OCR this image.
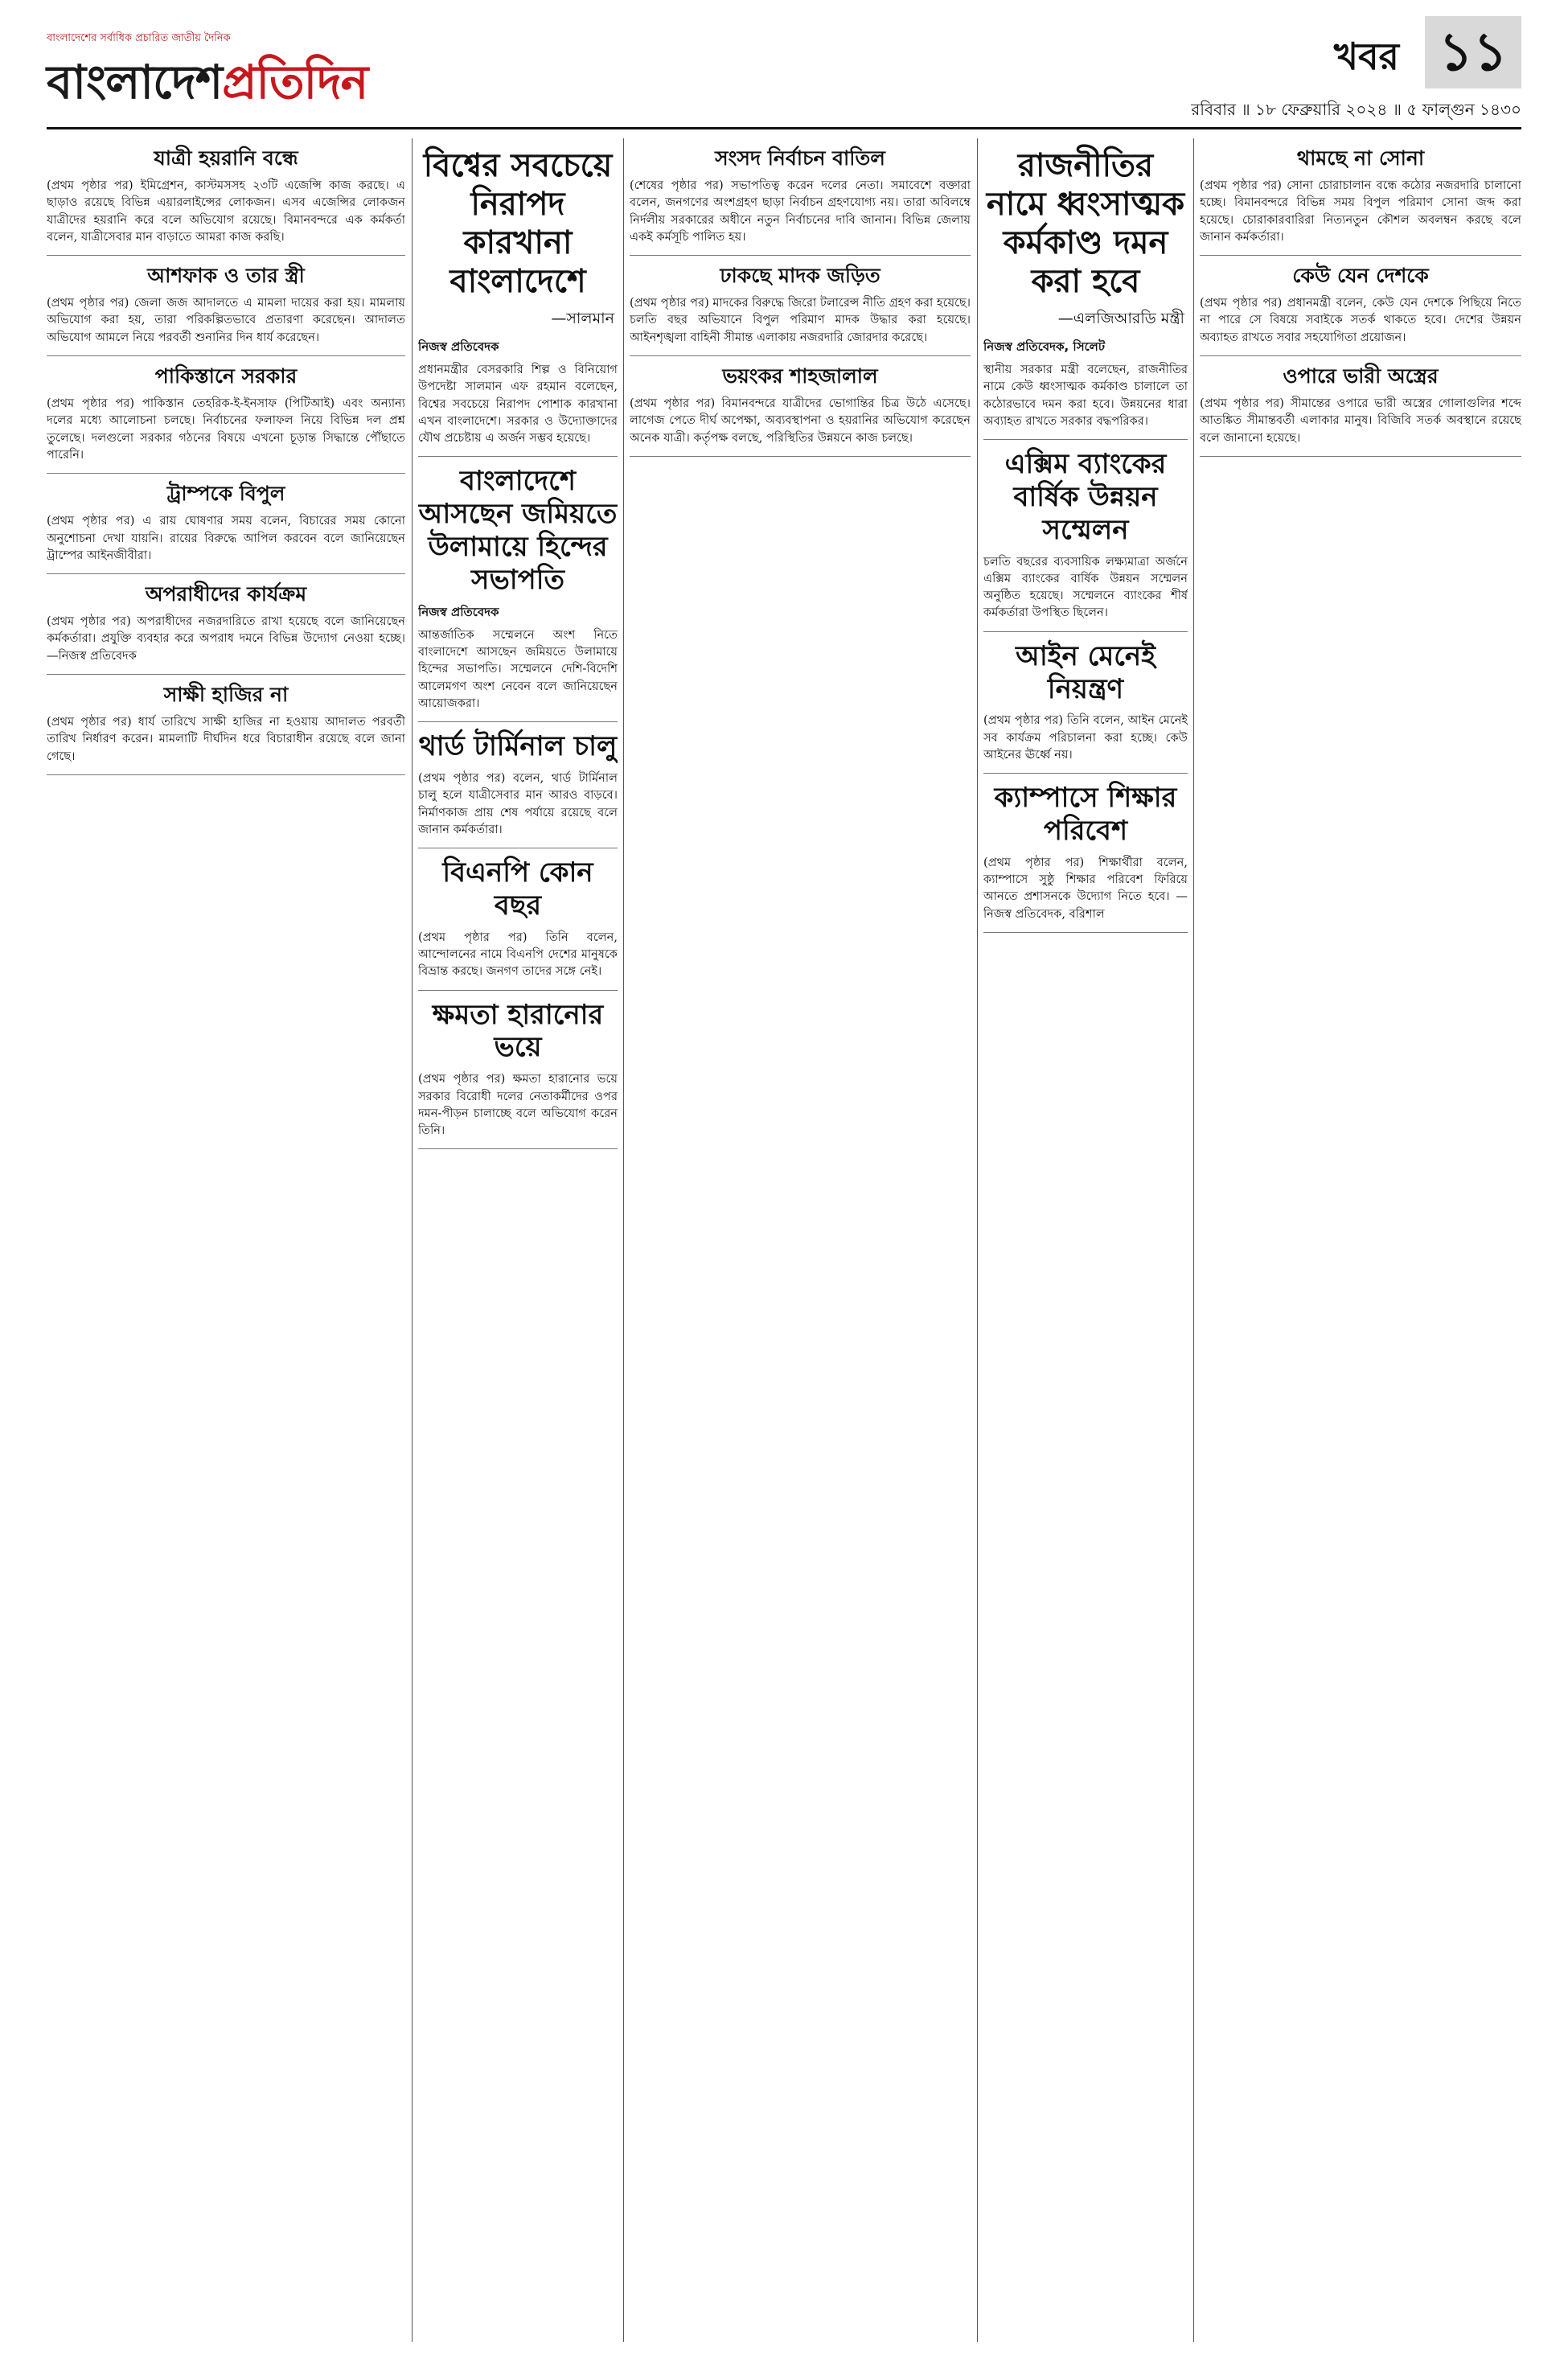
বাংলাদেশের সর্বাধিক প্রচারিত জাতীয় দৈনিক
বাংলাদেশপ্রতিদিন	খবর ১১
রবিবার ॥ ১৮ ফেব্রুয়ারি ২০২৪ ॥ ৫ ফাল্গুন ১৪৩০
যাত্রী হয়রানি বন্ধে

(প্রথম পৃষ্ঠার পর) ইমিগ্রেশন, কাস্টমসসহ ২৩টি এজেন্সি কাজ করছে। এ ছাড়াও রয়েছে বিভিন্ন এয়ারলাইন্সের লোকজন। এসব এজেন্সির লোকজন যাত্রীদের হয়রানি করে বলে অভিযোগ রয়েছে। বিমানবন্দরে এক কর্মকর্তা বলেন, যাত্রীসেবার মান বাড়াতে আমরা কাজ করছি।

আশফাক ও তার স্ত্রী

(প্রথম পৃষ্ঠার পর) জেলা জজ আদালতে এ মামলা দায়ের করা হয়। মামলায় অভিযোগ করা হয়, তারা পরিকল্পিতভাবে প্রতারণা করেছেন। আদালত অভিযোগ আমলে নিয়ে পরবর্তী শুনানির দিন ধার্য করেছেন।

পাকিস্তানে সরকার

(প্রথম পৃষ্ঠার পর) পাকিস্তান তেহরিক-ই-ইনসাফ (পিটিআই) এবং অন্যান্য দলের মধ্যে আলোচনা চলছে। নির্বাচনের ফলাফল নিয়ে বিভিন্ন দল প্রশ্ন তুলেছে। দলগুলো সরকার গঠনের বিষয়ে এখনো চূড়ান্ত সিদ্ধান্তে পৌঁছাতে পারেনি।

ট্রাম্পকে বিপুল

(প্রথম পৃষ্ঠার পর) এ রায় ঘোষণার সময় বলেন, বিচারের সময় কোনো অনুশোচনা দেখা যায়নি। রায়ের বিরুদ্ধে আপিল করবেন বলে জানিয়েছেন ট্রাম্পের আইনজীবীরা।

অপরাধীদের কার্যক্রম

(প্রথম পৃষ্ঠার পর) অপরাধীদের নজরদারিতে রাখা হয়েছে বলে জানিয়েছেন কর্মকর্তারা। প্রযুক্তি ব্যবহার করে অপরাধ দমনে বিভিন্ন উদ্যোগ নেওয়া হচ্ছে। —নিজস্ব প্রতিবেদক

সাক্ষী হাজির না

(প্রথম পৃষ্ঠার পর) ধার্য তারিখে সাক্ষী হাজির না হওয়ায় আদালত পরবর্তী তারিখ নির্ধারণ করেন। মামলাটি দীর্ঘদিন ধরে বিচারাধীন রয়েছে বলে জানা গেছে।

বিশ্বের সবচেয়ে নিরাপদ কারখানা বাংলাদেশে
—সালমান
নিজস্ব প্রতিবেদক

প্রধানমন্ত্রীর বেসরকারি শিল্প ও বিনিয়োগ উপদেষ্টা সালমান এফ রহমান বলেছেন, বিশ্বের সবচেয়ে নিরাপদ পোশাক কারখানা এখন বাংলাদেশে। সরকার ও উদ্যোক্তাদের যৌথ প্রচেষ্টায় এ অর্জন সম্ভব হয়েছে।

বাংলাদেশে আসছেন জমিয়তে উলামায়ে হিন্দের সভাপতি
নিজস্ব প্রতিবেদক

আন্তর্জাতিক সম্মেলনে অংশ নিতে বাংলাদেশে আসছেন জমিয়তে উলামায়ে হিন্দের সভাপতি। সম্মেলনে দেশি-বিদেশি আলেমগণ অংশ নেবেন বলে জানিয়েছেন আয়োজকরা।

থার্ড টার্মিনাল চালু

(প্রথম পৃষ্ঠার পর) বলেন, থার্ড টার্মিনাল চালু হলে যাত্রীসেবার মান আরও বাড়বে। নির্মাণকাজ প্রায় শেষ পর্যায়ে রয়েছে বলে জানান কর্মকর্তারা।

বিএনপি কোন বছর

(প্রথম পৃষ্ঠার পর) তিনি বলেন, আন্দোলনের নামে বিএনপি দেশের মানুষকে বিভ্রান্ত করছে। জনগণ তাদের সঙ্গে নেই।

ক্ষমতা হারানোর ভয়ে

(প্রথম পৃষ্ঠার পর) ক্ষমতা হারানোর ভয়ে সরকার বিরোধী দলের নেতাকর্মীদের ওপর দমন-পীড়ন চালাচ্ছে বলে অভিযোগ করেন তিনি।

সংসদ নির্বাচন বাতিল

(শেষের পৃষ্ঠার পর) সভাপতিত্ব করেন দলের নেতা। সমাবেশে বক্তারা বলেন, জনগণের অংশগ্রহণ ছাড়া নির্বাচন গ্রহণযোগ্য নয়। তারা অবিলম্বে নির্দলীয় সরকারের অধীনে নতুন নির্বাচনের দাবি জানান। বিভিন্ন জেলায় একই কর্মসূচি পালিত হয়।

ঢাকছে মাদক জড়িত

(প্রথম পৃষ্ঠার পর) মাদকের বিরুদ্ধে জিরো টলারেন্স নীতি গ্রহণ করা হয়েছে। চলতি বছর অভিযানে বিপুল পরিমাণ মাদক উদ্ধার করা হয়েছে। আইনশৃঙ্খলা বাহিনী সীমান্ত এলাকায় নজরদারি জোরদার করেছে।

ভয়ংকর শাহজালাল

(প্রথম পৃষ্ঠার পর) বিমানবন্দরে যাত্রীদের ভোগান্তির চিত্র উঠে এসেছে। লাগেজ পেতে দীর্ঘ অপেক্ষা, অব্যবস্থাপনা ও হয়রানির অভিযোগ করেছেন অনেক যাত্রী। কর্তৃপক্ষ বলছে, পরিস্থিতির উন্নয়নে কাজ চলছে।

রাজনীতির নামে ধ্বংসাত্মক কর্মকাণ্ড দমন করা হবে
—এলজিআরডি মন্ত্রী
নিজস্ব প্রতিবেদক, সিলেট

স্থানীয় সরকার মন্ত্রী বলেছেন, রাজনীতির নামে কেউ ধ্বংসাত্মক কর্মকাণ্ড চালালে তা কঠোরভাবে দমন করা হবে। উন্নয়নের ধারা অব্যাহত রাখতে সরকার বদ্ধপরিকর।

এক্সিম ব্যাংকের বার্ষিক উন্নয়ন সম্মেলন

চলতি বছরের ব্যবসায়িক লক্ষ্যমাত্রা অর্জনে এক্সিম ব্যাংকের বার্ষিক উন্নয়ন সম্মেলন অনুষ্ঠিত হয়েছে। সম্মেলনে ব্যাংকের শীর্ষ কর্মকর্তারা উপস্থিত ছিলেন।

আইন মেনেই নিয়ন্ত্রণ

(প্রথম পৃষ্ঠার পর) তিনি বলেন, আইন মেনেই সব কার্যক্রম পরিচালনা করা হচ্ছে। কেউ আইনের ঊর্ধ্বে নয়।

ক্যাম্পাসে শিক্ষার পরিবেশ

(প্রথম পৃষ্ঠার পর) শিক্ষার্থীরা বলেন, ক্যাম্পাসে সুষ্ঠু শিক্ষার পরিবেশ ফিরিয়ে আনতে প্রশাসনকে উদ্যোগ নিতে হবে। —নিজস্ব প্রতিবেদক, বরিশাল

থামছে না সোনা

(প্রথম পৃষ্ঠার পর) সোনা চোরাচালান বন্ধে কঠোর নজরদারি চালানো হচ্ছে। বিমানবন্দরে বিভিন্ন সময় বিপুল পরিমাণ সোনা জব্দ করা হয়েছে। চোরাকারবারিরা নিত্যনতুন কৌশল অবলম্বন করছে বলে জানান কর্মকর্তারা।

কেউ যেন দেশকে

(প্রথম পৃষ্ঠার পর) প্রধানমন্ত্রী বলেন, কেউ যেন দেশকে পিছিয়ে নিতে না পারে সে বিষয়ে সবাইকে সতর্ক থাকতে হবে। দেশের উন্নয়ন অব্যাহত রাখতে সবার সহযোগিতা প্রয়োজন।

ওপারে ভারী অস্ত্রের

(প্রথম পৃষ্ঠার পর) সীমান্তের ওপারে ভারী অস্ত্রের গোলাগুলির শব্দে আতঙ্কিত সীমান্তবর্তী এলাকার মানুষ। বিজিবি সতর্ক অবস্থানে রয়েছে বলে জানানো হয়েছে।
